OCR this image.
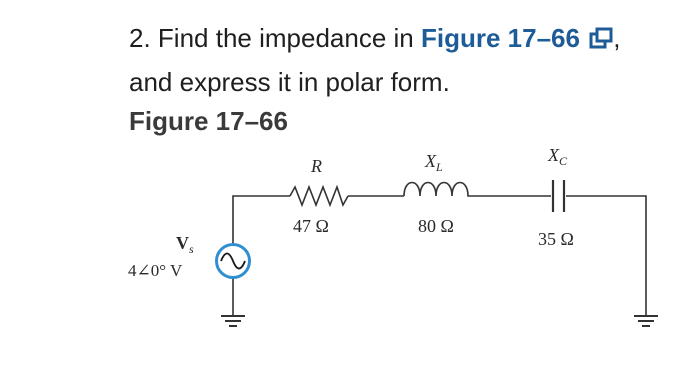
2. Find the impedance in Figure 17–66 , and express it in polar form.
Figure 17–66
R
47 Ω
$X_L$
80 Ω
$X_C$
35 Ω
$V_s$
4∠0° V
